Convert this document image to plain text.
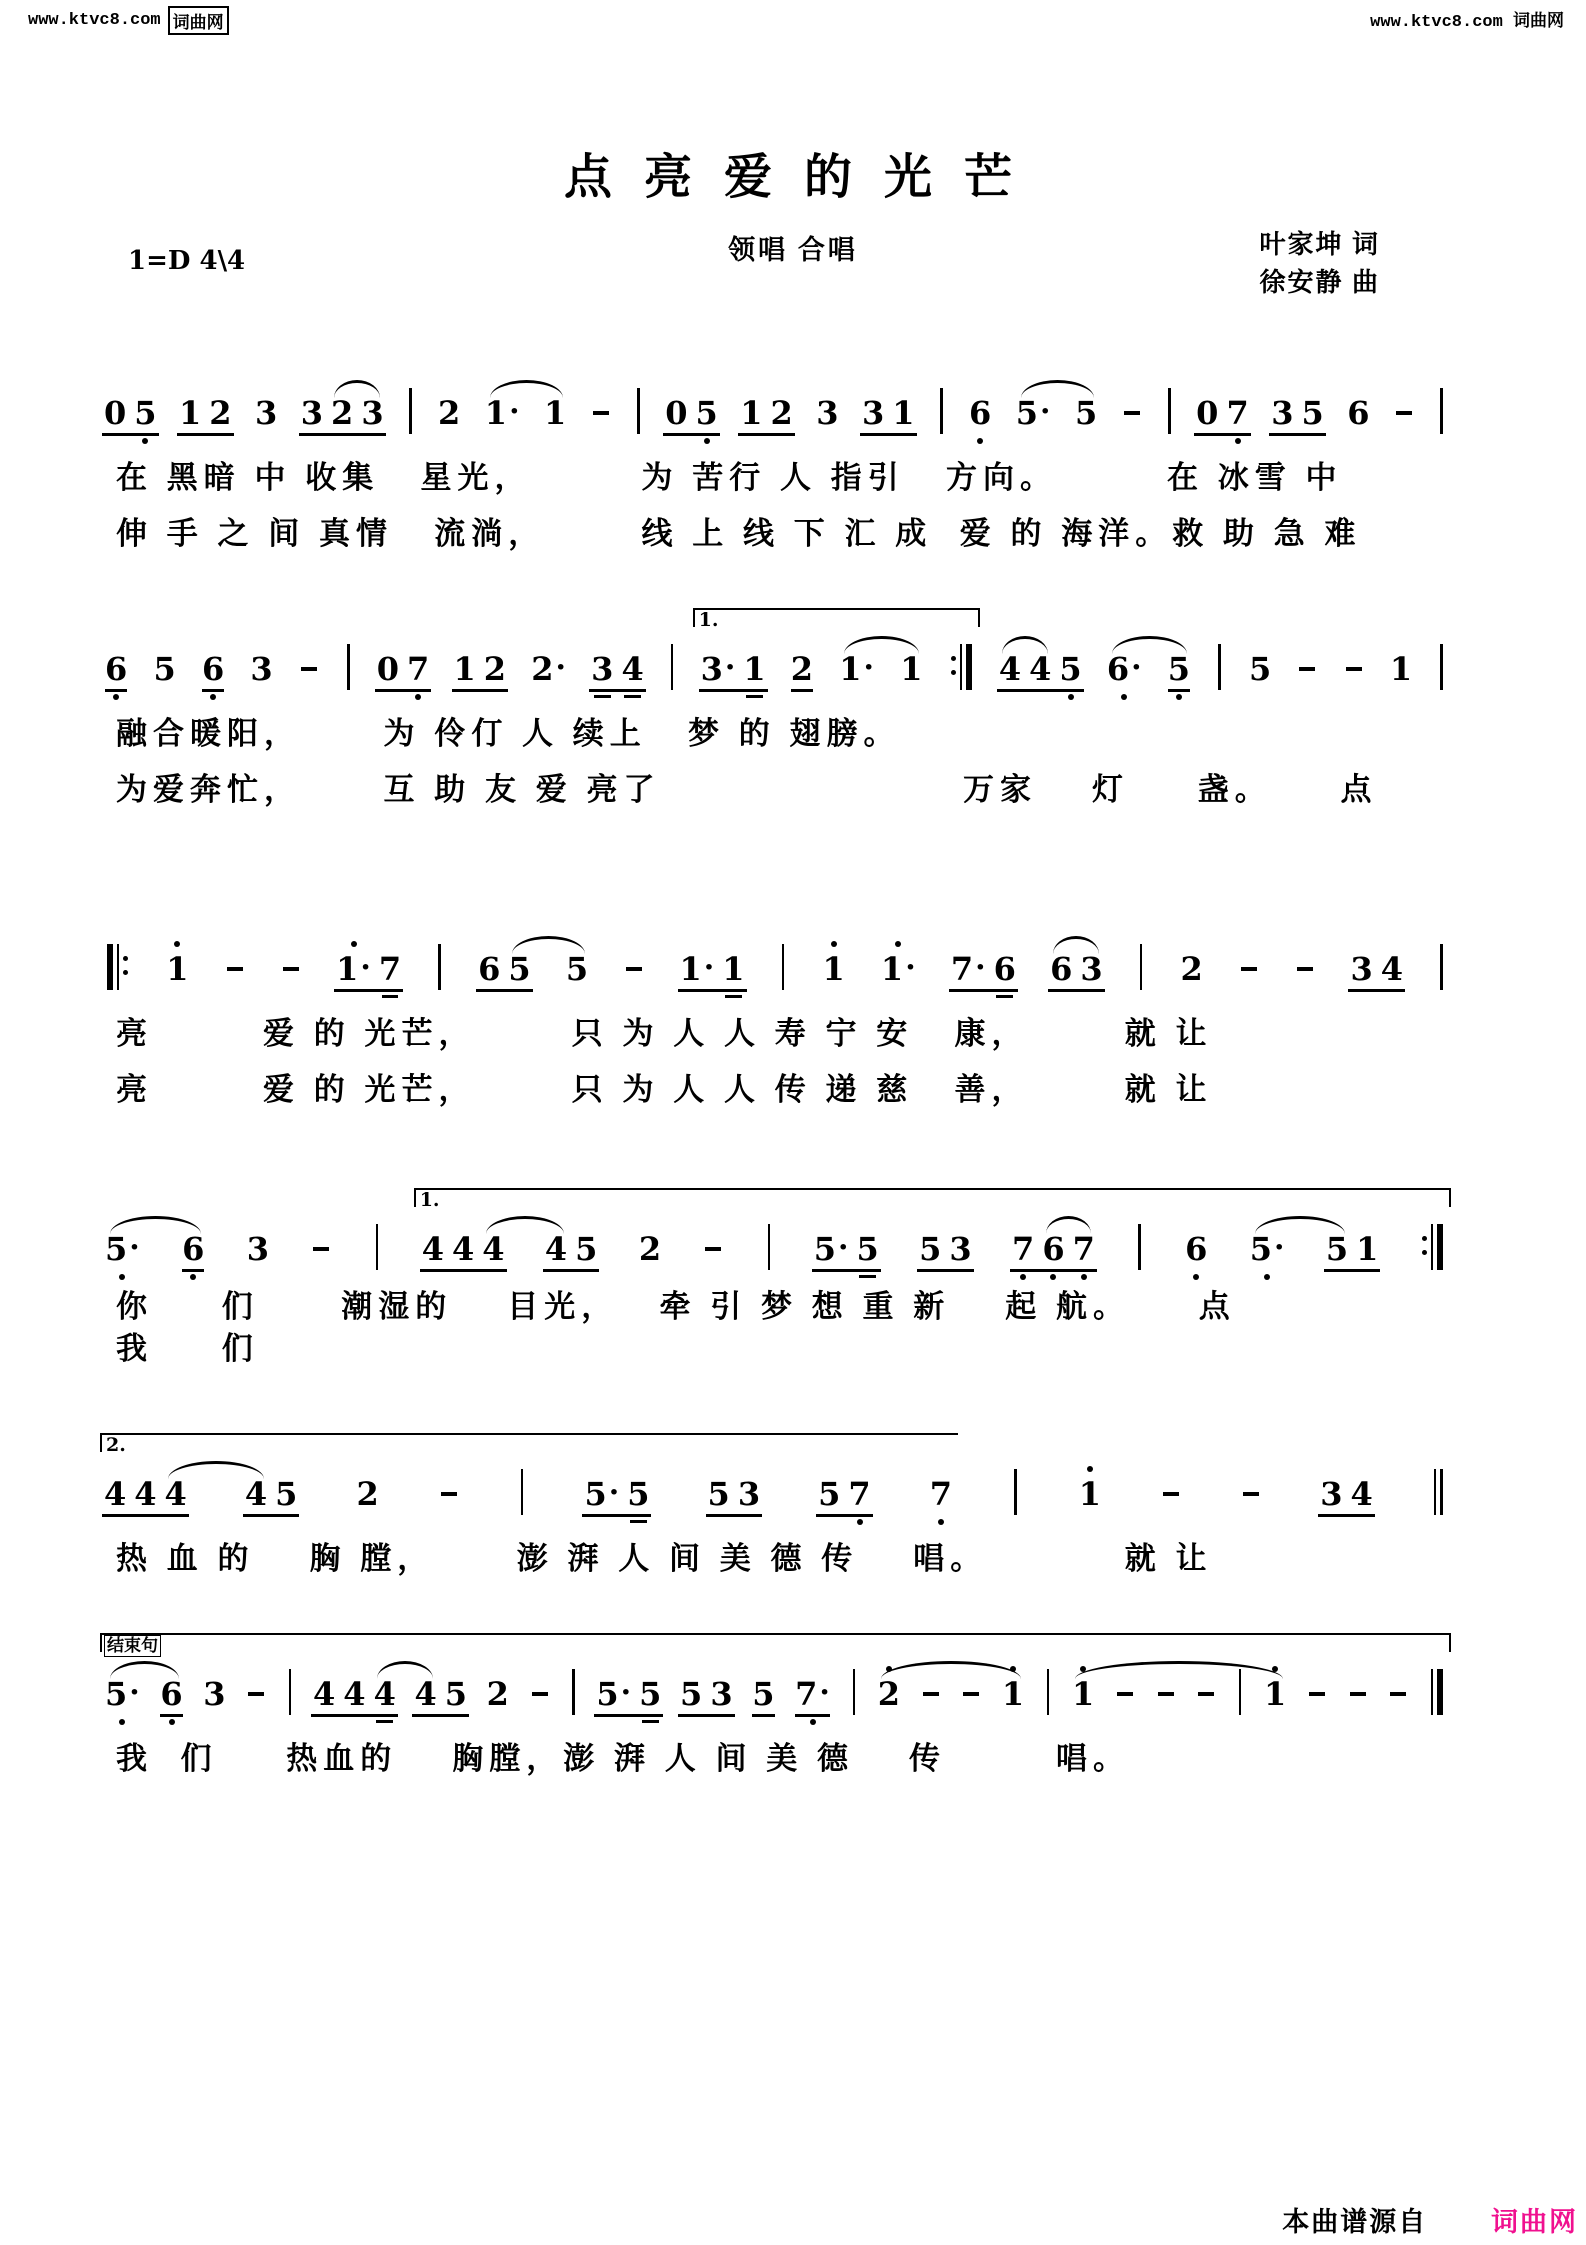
www.ktvc8.com 词曲网	www.ktvc8.com 词曲网
点 亮 爱 的 光 芒
领唱 合唱
1=D 4\4
叶家坤 词
徐安静 曲
0 5 1 2 3 3 2 3 2 1 · 1	0 5 1 2 3 3 1 6 5 · 5	0 7 3 5 6
在 黑暗 中 收集   星光，        为 苦行 人 指引   方向。        在 冰雪 中
伸 手 之 间 真情   流淌，       线 上 线 下 汇 成  爱 的 海洋。救 助 急 难
6 5 6 3	0 7 1 2 2 · 3 4 3 · 1 2 1 · 1 4 4 5 6 · 5 5	1
1.
融合暖阳，      为 伶仃 人 续上   梦 的 翅膀。
为爱奔忙，      互 助 友 爱 亮了                      万家    灯     盏。     点
1	1 · 7 6 5 5	1 · 1 1 1 · 7 · 6 6 3 2	3 4
亮        爱 的 光芒，       只 为 人 人 寿 宁 安   康，       就 让
亮        爱 的 光芒，       只 为 人 人 传 递 慈   善，       就 让
5 · 6 3	4 4 4 4 5 2	5 · 5 5 3 7 6 7	6 5 · 5 1
1.
你     们      潮湿的    目光，   牵 引 梦 想 重 新    起 航。     点
我     们
4 4 4 4 5 2	5 · 5 5 3 5 7 7	1	3 4
2.
热 血 的    胸 膛，      澎 湃 人 间 美 德 传    唱。          就 让
5 · 6 3	4 4 4 4 5 2	5 · 5 5 3 5 7 · 2	1 1	1
结束句
我  们     热血的    胸膛，澎 湃 人 间 美 德    传        唱。
本曲谱源自 词曲网
